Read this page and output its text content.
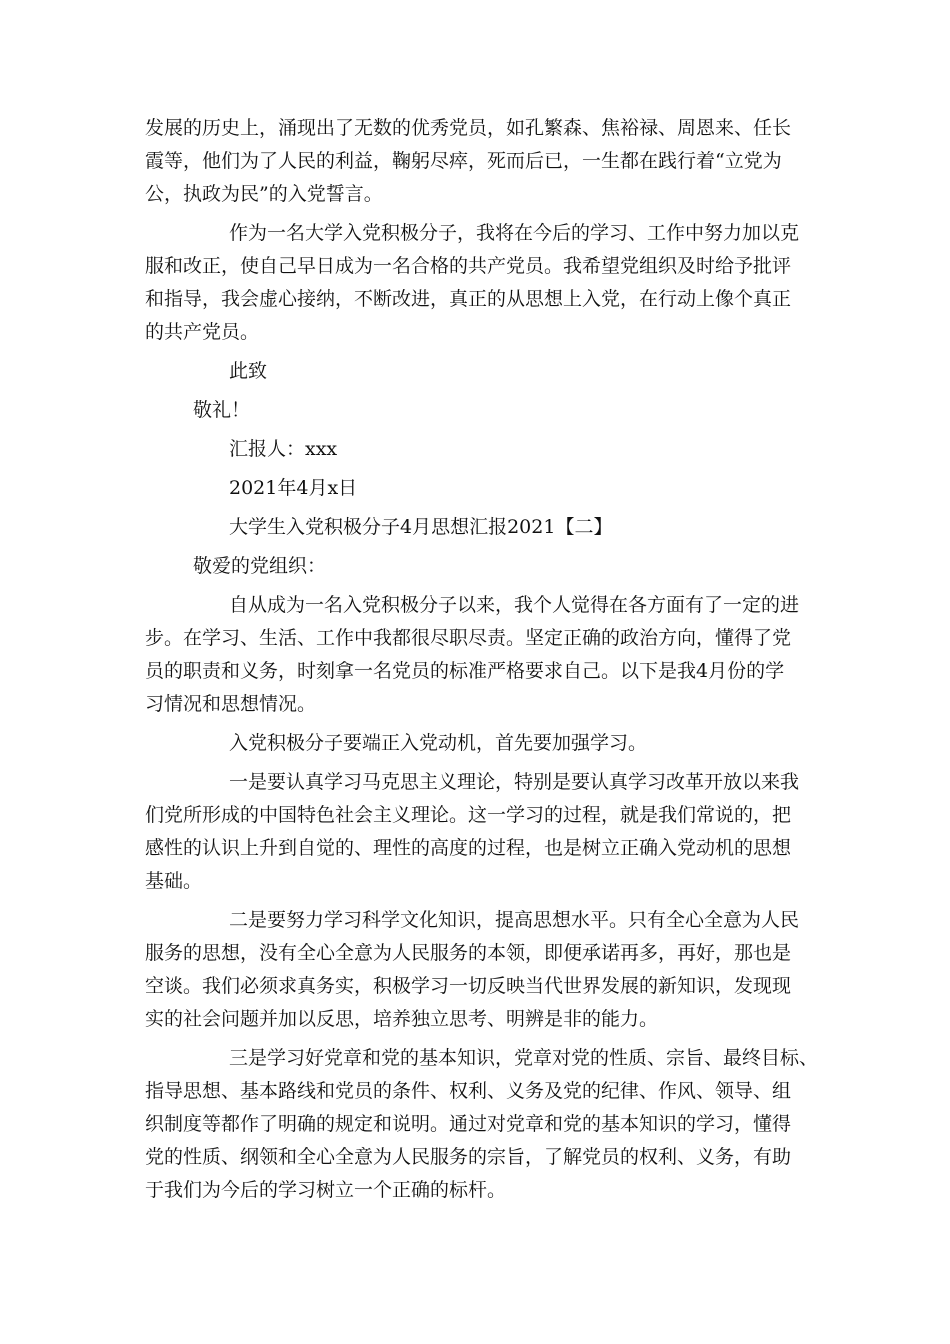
发展的历史上，涌现出了无数的优秀党员，如孔繁森、焦裕禄、周恩来、任长
霞等，他们为了人民的利益，鞠躬尽瘁，死而后已，一生都在践行着“立党为
公，执政为民”的入党誓言。
作为一名大学入党积极分子，我将在今后的学习、工作中努力加以克
服和改正，使自己早日成为一名合格的共产党员。我希望党组织及时给予批评
和指导，我会虚心接纳，不断改进，真正的从思想上入党，在行动上像个真正
的共产党员。
此致
敬礼！
汇报人：xxx
2021年4月x日
大学生入党积极分子4月思想汇报2021【二】
敬爱的党组织：
自从成为一名入党积极分子以来，我个人觉得在各方面有了一定的进
步。在学习、生活、工作中我都很尽职尽责。坚定正确的政治方向，懂得了党
员的职责和义务，时刻拿一名党员的标准严格要求自己。以下是我4月份的学
习情况和思想情况。
入党积极分子要端正入党动机，首先要加强学习。
一是要认真学习马克思主义理论，特别是要认真学习改革开放以来我
们党所形成的中国特色社会主义理论。这一学习的过程，就是我们常说的，把
感性的认识上升到自觉的、理性的高度的过程，也是树立正确入党动机的思想
基础。
二是要努力学习科学文化知识，提高思想水平。只有全心全意为人民
服务的思想，没有全心全意为人民服务的本领，即便承诺再多，再好，那也是
空谈。我们必须求真务实，积极学习一切反映当代世界发展的新知识，发现现
实的社会问题并加以反思，培养独立思考、明辨是非的能力。
三是学习好党章和党的基本知识，党章对党的性质、宗旨、最终目标、
指导思想、基本路线和党员的条件、权利、义务及党的纪律、作风、领导、组
织制度等都作了明确的规定和说明。通过对党章和党的基本知识的学习，懂得
党的性质、纲领和全心全意为人民服务的宗旨，了解党员的权利、义务，有助
于我们为今后的学习树立一个正确的标杆。
